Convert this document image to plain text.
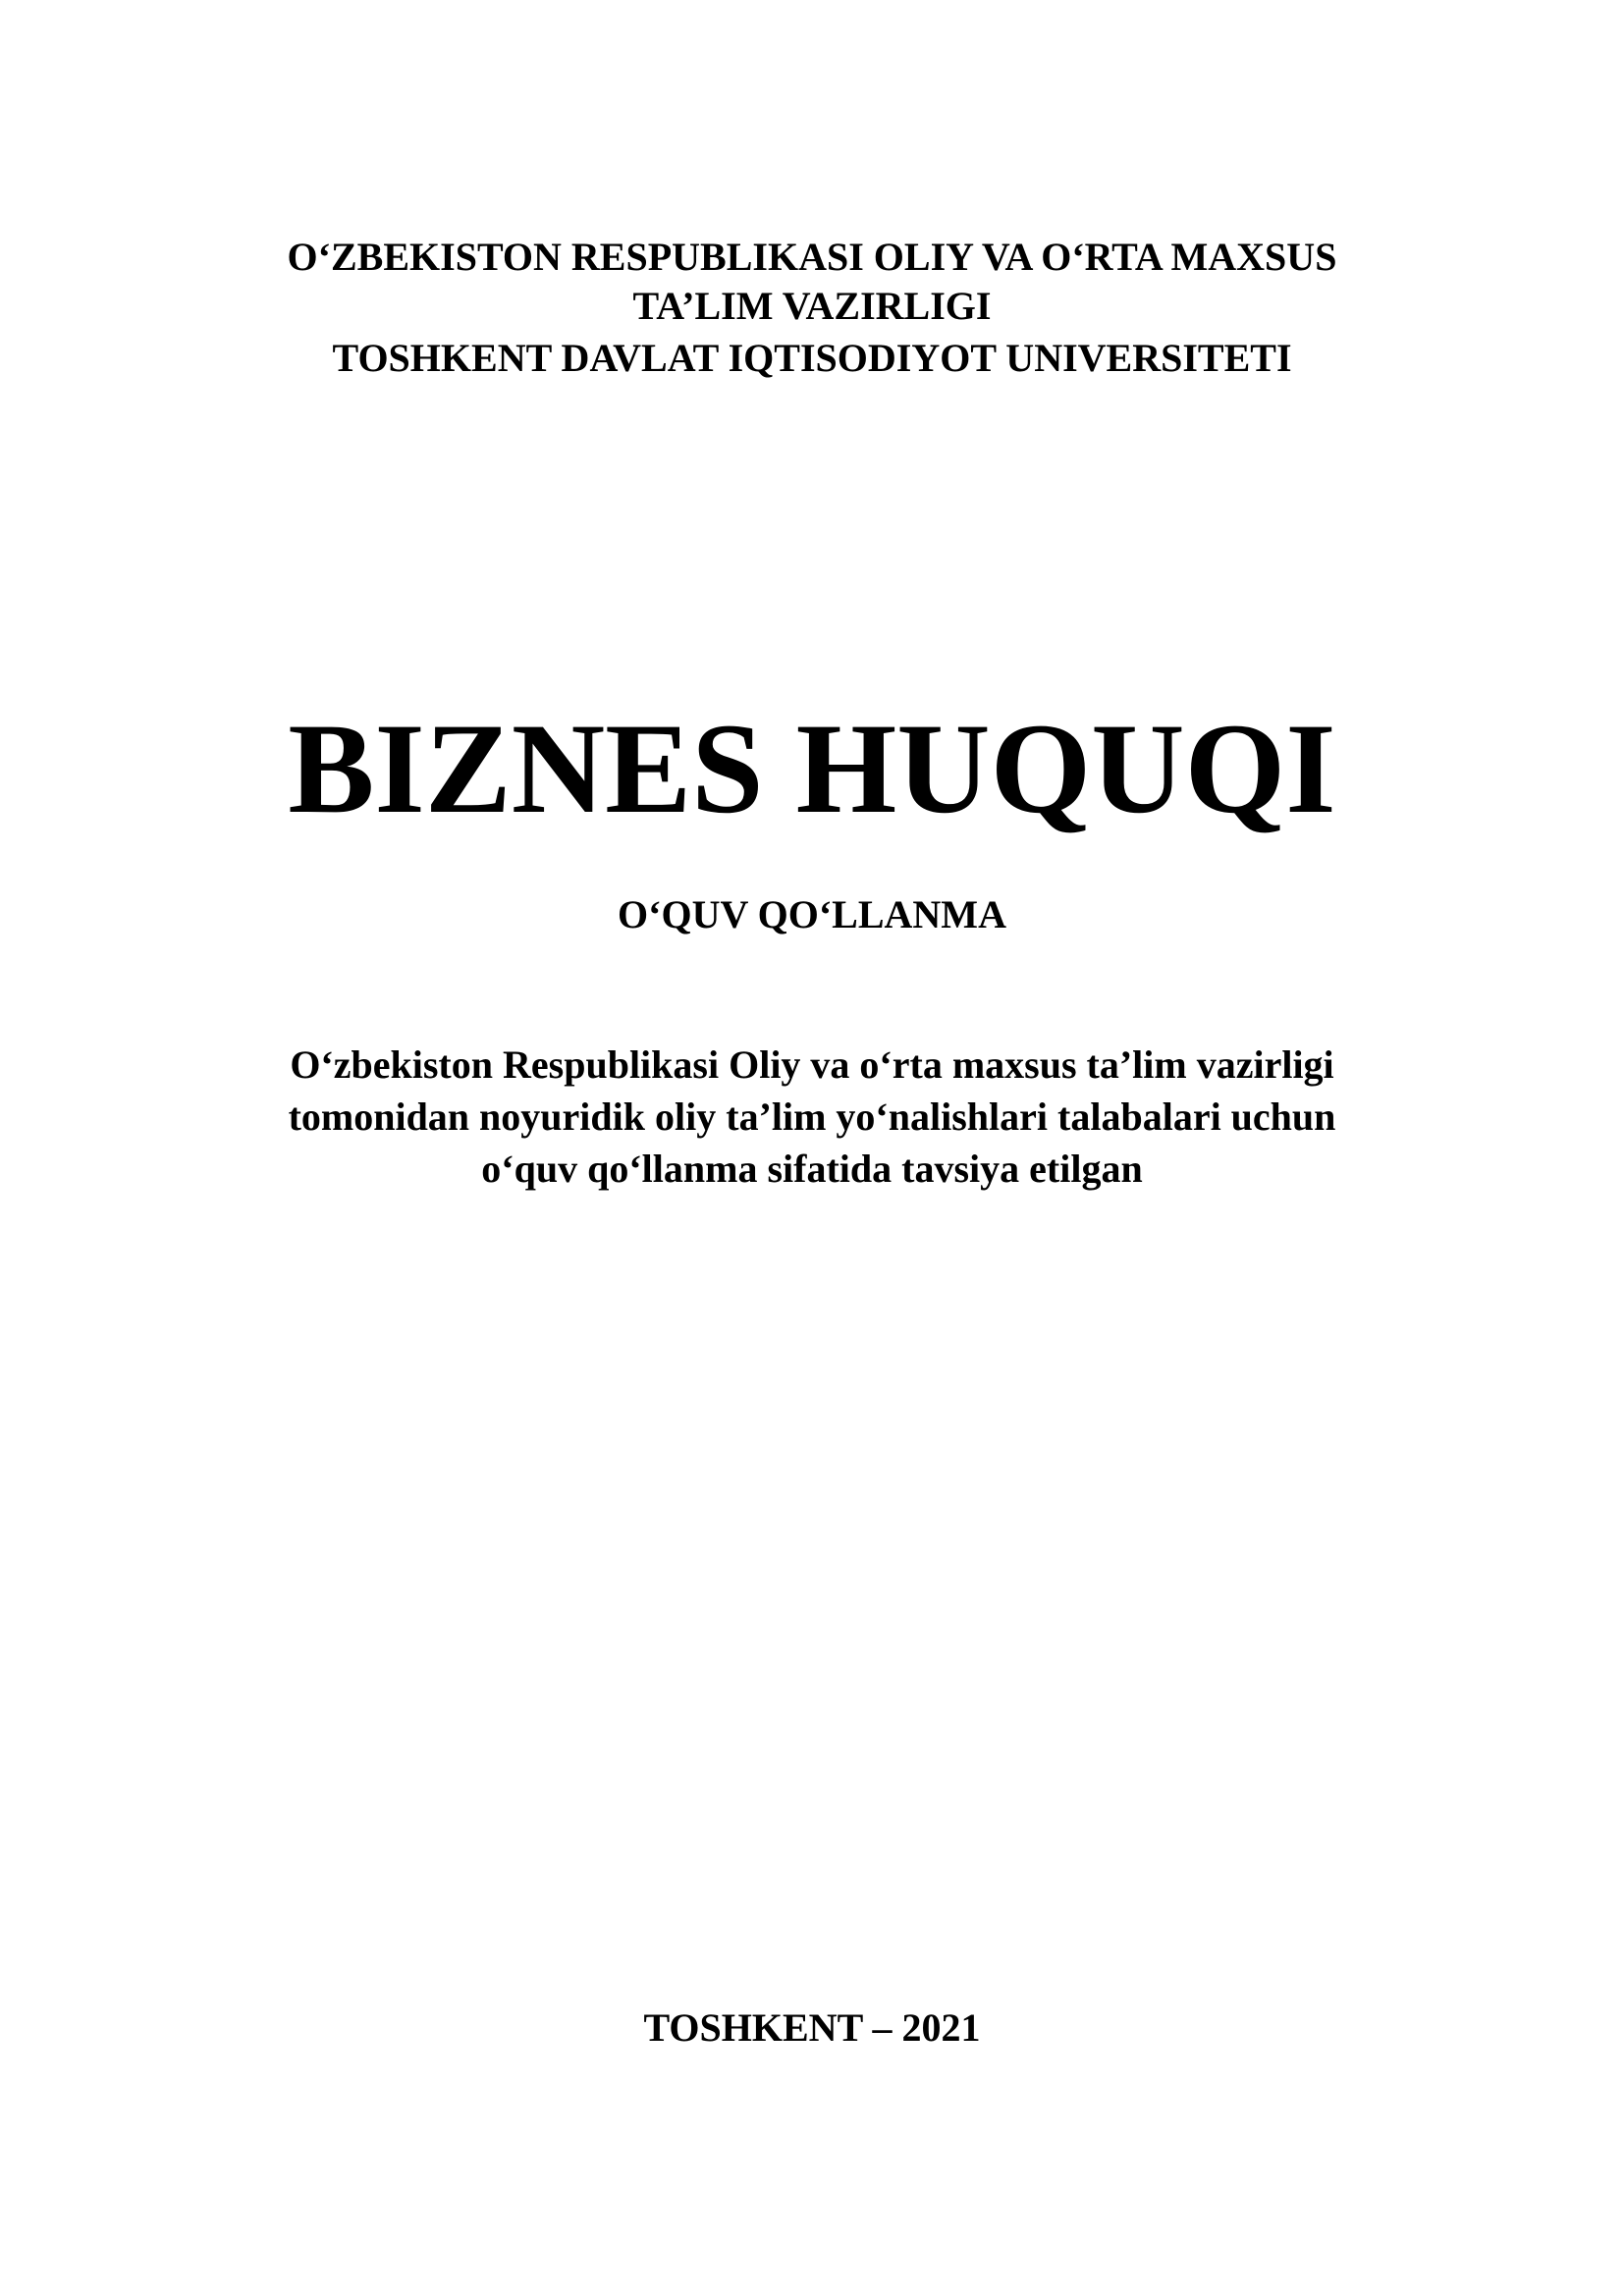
O‘ZBEKISTON RESPUBLIKASI OLIY VA O‘RTA MAXSUS

TA’LIM VAZIRLIGI

TOSHKENT DAVLAT IQTISODIYOT UNIVERSITETI

BIZNES HUQUQI

O‘QUV QO‘LLANMA

O‘zbekiston Respublikasi Oliy va o‘rta maxsus ta’lim vazirligi

tomonidan noyuridik oliy ta’lim yo‘nalishlari talabalari uchun

o‘quv qo‘llanma sifatida tavsiya etilgan

TOSHKENT – 2021
